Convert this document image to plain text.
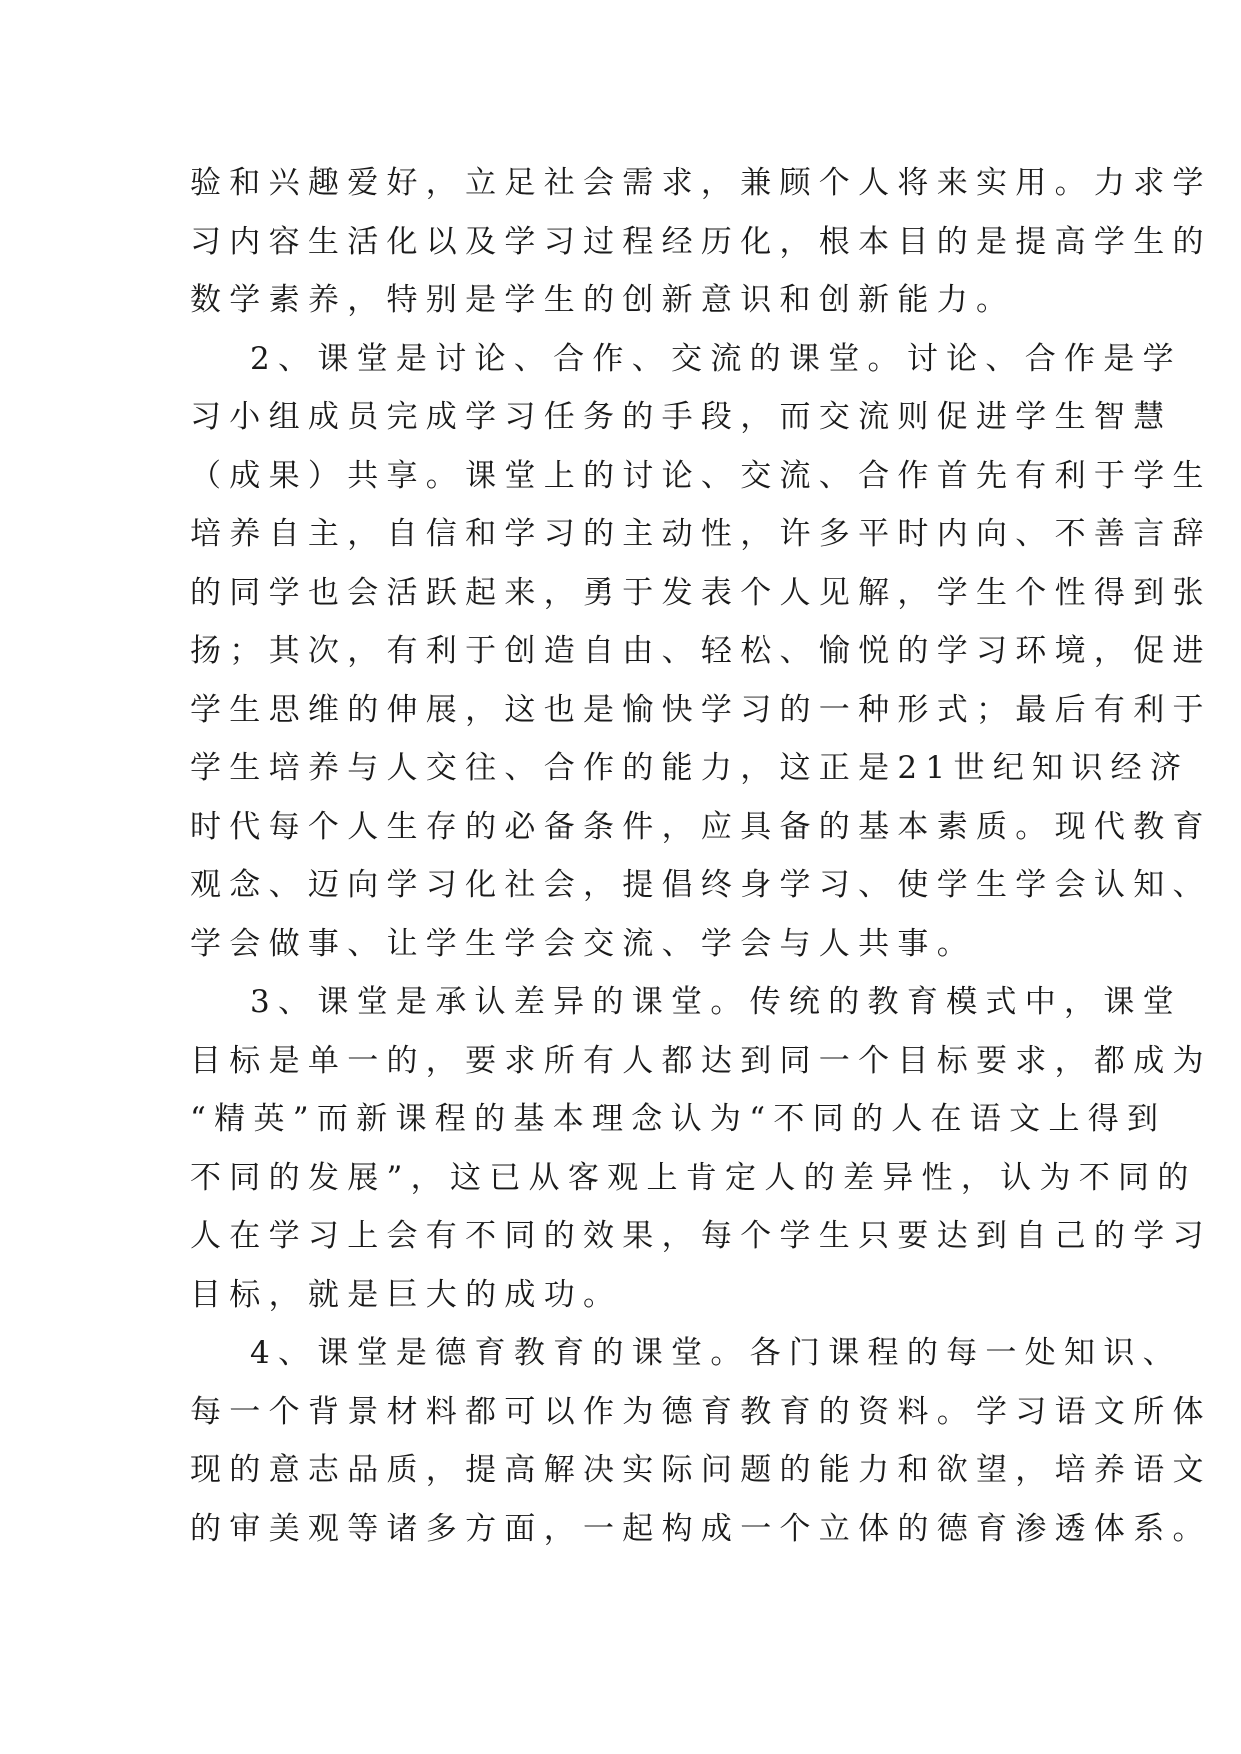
验和兴趣爱好，立足社会需求，兼顾个人将来实用。力求学
习内容生活化以及学习过程经历化，根本目的是提高学生的
数学素养，特别是学生的创新意识和创新能力。
2、课堂是讨论、合作、交流的课堂。讨论、合作是学
习小组成员完成学习任务的手段，而交流则促进学生智慧
（成果）共享。课堂上的讨论、交流、合作首先有利于学生
培养自主，自信和学习的主动性，许多平时内向、不善言辞
的同学也会活跃起来，勇于发表个人见解，学生个性得到张
扬；其次，有利于创造自由、轻松、愉悦的学习环境，促进
学生思维的伸展，这也是愉快学习的一种形式；最后有利于
学生培养与人交往、合作的能力，这正是21世纪知识经济
时代每个人生存的必备条件，应具备的基本素质。现代教育
观念、迈向学习化社会，提倡终身学习、使学生学会认知、
学会做事、让学生学会交流、学会与人共事。
3、课堂是承认差异的课堂。传统的教育模式中，课堂
目标是单一的，要求所有人都达到同一个目标要求，都成为
“精英”而新课程的基本理念认为“不同的人在语文上得到
不同的发展”，这已从客观上肯定人的差异性，认为不同的
人在学习上会有不同的效果，每个学生只要达到自己的学习
目标，就是巨大的成功。
4、课堂是德育教育的课堂。各门课程的每一处知识、
每一个背景材料都可以作为德育教育的资料。学习语文所体
现的意志品质，提高解决实际问题的能力和欲望，培养语文
的审美观等诸多方面，一起构成一个立体的德育渗透体系。
